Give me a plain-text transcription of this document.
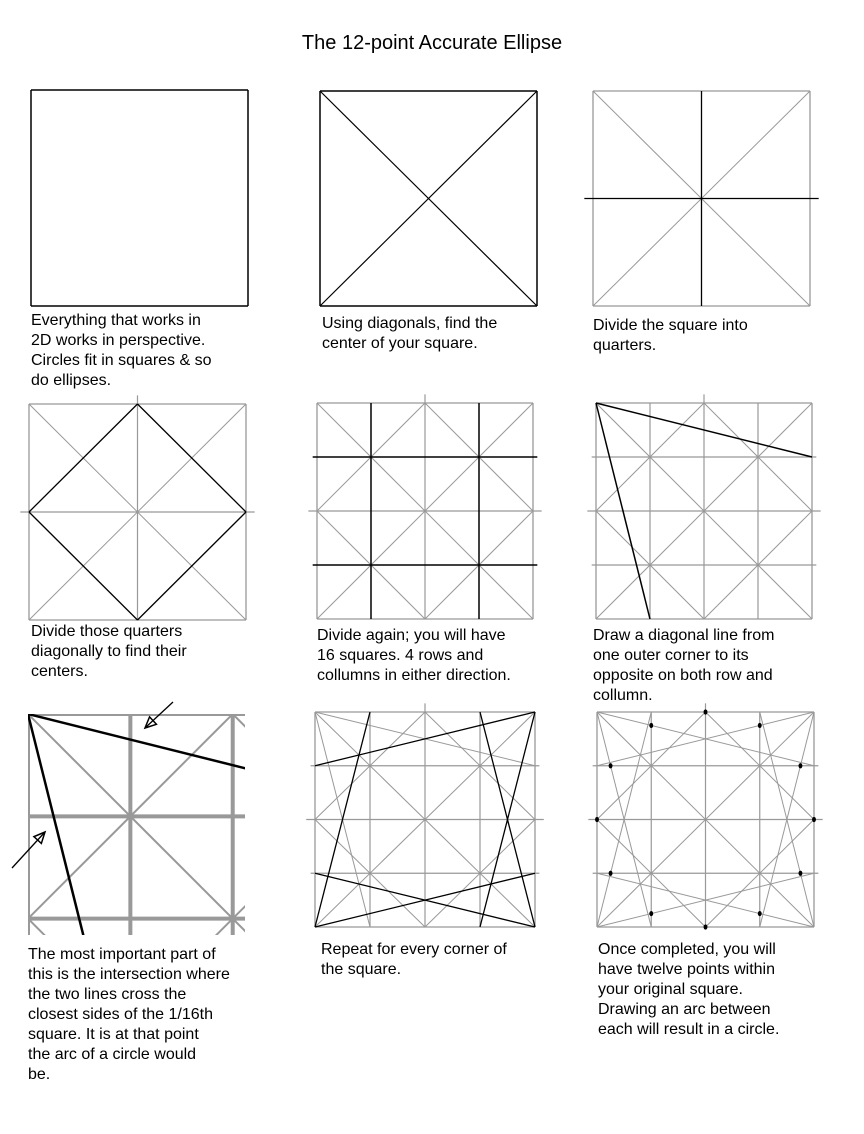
The 12-point Accurate Ellipse
Everything that works in
2D works in perspective.
Circles fit in squares & so
do ellipses.
Using diagonals, find the
center of your square.
Divide the square into
quarters.
Divide those quarters
diagonally to find their
centers.
Divide again; you will have
16 squares. 4 rows and
collumns in either direction.
Draw a diagonal line from
one outer corner to its
opposite on both row and
collumn.
The most important part of
this is the intersection where
the two lines cross the
closest sides of the 1/16th
square. It is at that point
the arc of a circle would
be.
Repeat for every corner of
the square.
Once completed, you will
have twelve points within
your original square.
Drawing an arc between
each will result in a circle.
